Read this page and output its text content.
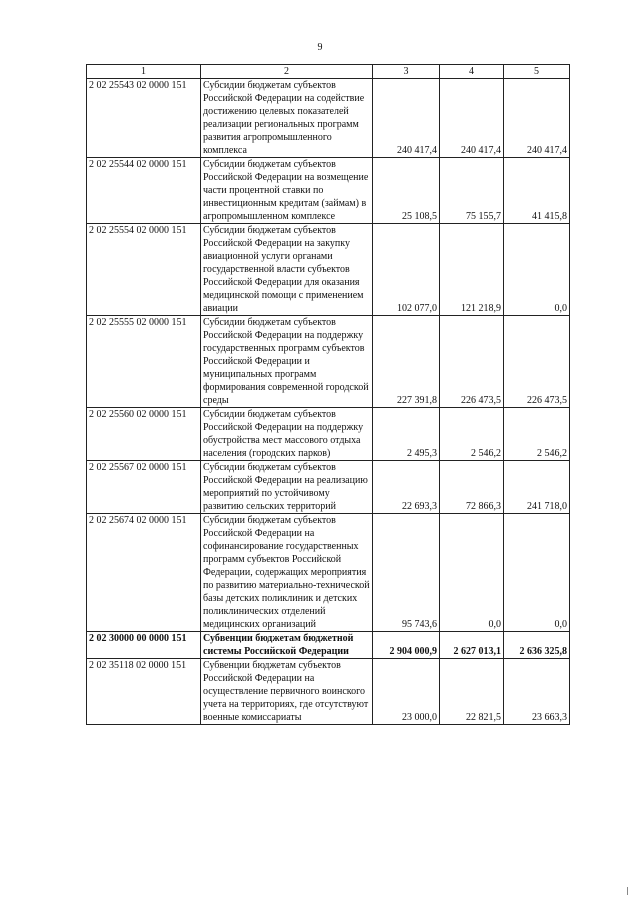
9
1	2	3	4	5
2 02 25543 02 0000 151	Субсидии бюджетам субъектов Российской Федерации на содействие достижению целевых показателей реализации региональных программ развития агропромышленного комплекса	240 417,4	240 417,4	240 417,4
2 02 25544 02 0000 151	Субсидии бюджетам субъектов Российской Федерации на возмещение части процентной ставки по инвестиционным кредитам (займам) в агропромышленном комплексе	25 108,5	75 155,7	41 415,8
2 02 25554 02 0000 151	Субсидии бюджетам субъектов Российской Федерации на закупку авиационной услуги органами государственной власти субъектов Российской Федерации для оказания медицинской помощи с применением авиации	102 077,0	121 218,9	0,0
2 02 25555 02 0000 151	Субсидии бюджетам субъектов Российской Федерации на поддержку государственных программ субъектов Российской Федерации и муниципальных программ формирования современной городской среды	227 391,8	226 473,5	226 473,5
2 02 25560 02 0000 151	Субсидии бюджетам субъектов Российской Федерации на поддержку обустройства мест массового отдыха населения (городских парков)	2 495,3	2 546,2	2 546,2
2 02 25567 02 0000 151	Субсидии бюджетам субъектов Российской Федерации на реализацию мероприятий по устойчивому развитию сельских территорий	22 693,3	72 866,3	241 718,0
2 02 25674 02 0000 151	Субсидии бюджетам субъектов Российской Федерации на софинансирование государственных программ субъектов Российской Федерации, содержащих мероприятия по развитию материально-технической базы детских поликлиник и детских поликлинических отделений медицинских организаций	95 743,6	0,0	0,0
2 02 30000 00 0000 151	Субвенции бюджетам бюджетной системы Российской Федерации	2 904 000,9	2 627 013,1	2 636 325,8
2 02 35118 02 0000 151	Субвенции бюджетам субъектов Российской Федерации на осуществление первичного воинского учета на территориях, где отсутствуют военные комиссариаты	23 000,0	22 821,5	23 663,3
